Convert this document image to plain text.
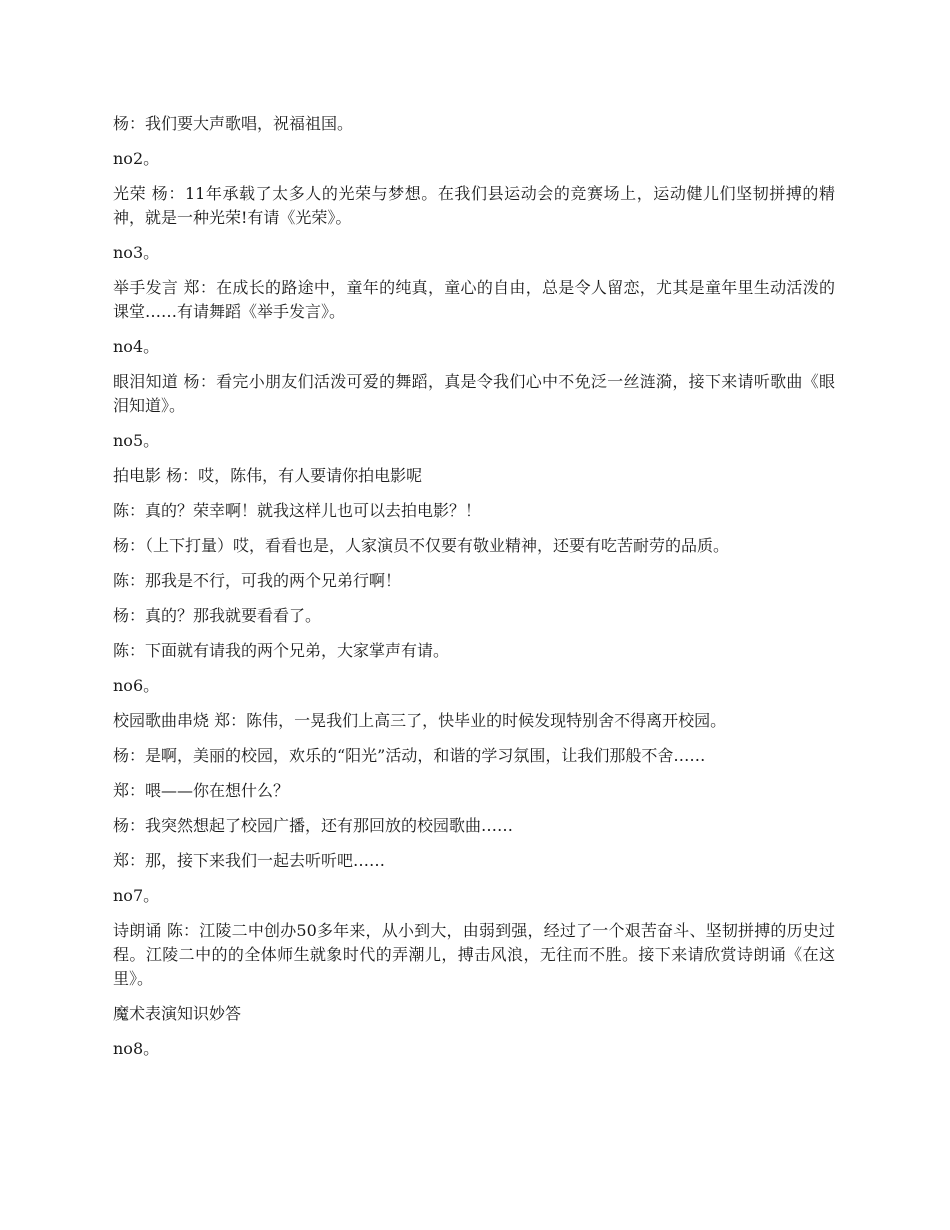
杨：我们要大声歌唱，祝福祖国。

no2。

光荣 杨：11年承载了太多人的光荣与梦想。在我们县运动会的竞赛场上，运动健儿们坚韧拼搏的精神，就是一种光荣!有请《光荣》。

no3。

举手发言 郑：在成长的路途中，童年的纯真，童心的自由，总是令人留恋，尤其是童年里生动活泼的课堂……有请舞蹈《举手发言》。

no4。

眼泪知道 杨：看完小朋友们活泼可爱的舞蹈，真是令我们心中不免泛一丝涟漪，接下来请听歌曲《眼泪知道》。

no5。

拍电影 杨：哎，陈伟，有人要请你拍电影呢

陈：真的？荣幸啊！就我这样儿也可以去拍电影？！

杨：（上下打量）哎，看看也是，人家演员不仅要有敬业精神，还要有吃苦耐劳的品质。

陈：那我是不行，可我的两个兄弟行啊！

杨：真的？那我就要看看了。

陈：下面就有请我的两个兄弟，大家掌声有请。

no6。

校园歌曲串烧 郑：陈伟，一晃我们上高三了，快毕业的时候发现特别舍不得离开校园。

杨：是啊，美丽的校园，欢乐的“阳光”活动，和谐的学习氛围，让我们那般不舍……

郑：喂——你在想什么？

杨：我突然想起了校园广播，还有那回放的校园歌曲……

郑：那，接下来我们一起去听听吧……

no7。

诗朗诵 陈：江陵二中创办50多年来，从小到大，由弱到强，经过了一个艰苦奋斗、坚韧拼搏的历史过程。江陵二中的的全体师生就象时代的弄潮儿，搏击风浪，无往而不胜。接下来请欣赏诗朗诵《在这里》。

魔术表演知识妙答

no8。
